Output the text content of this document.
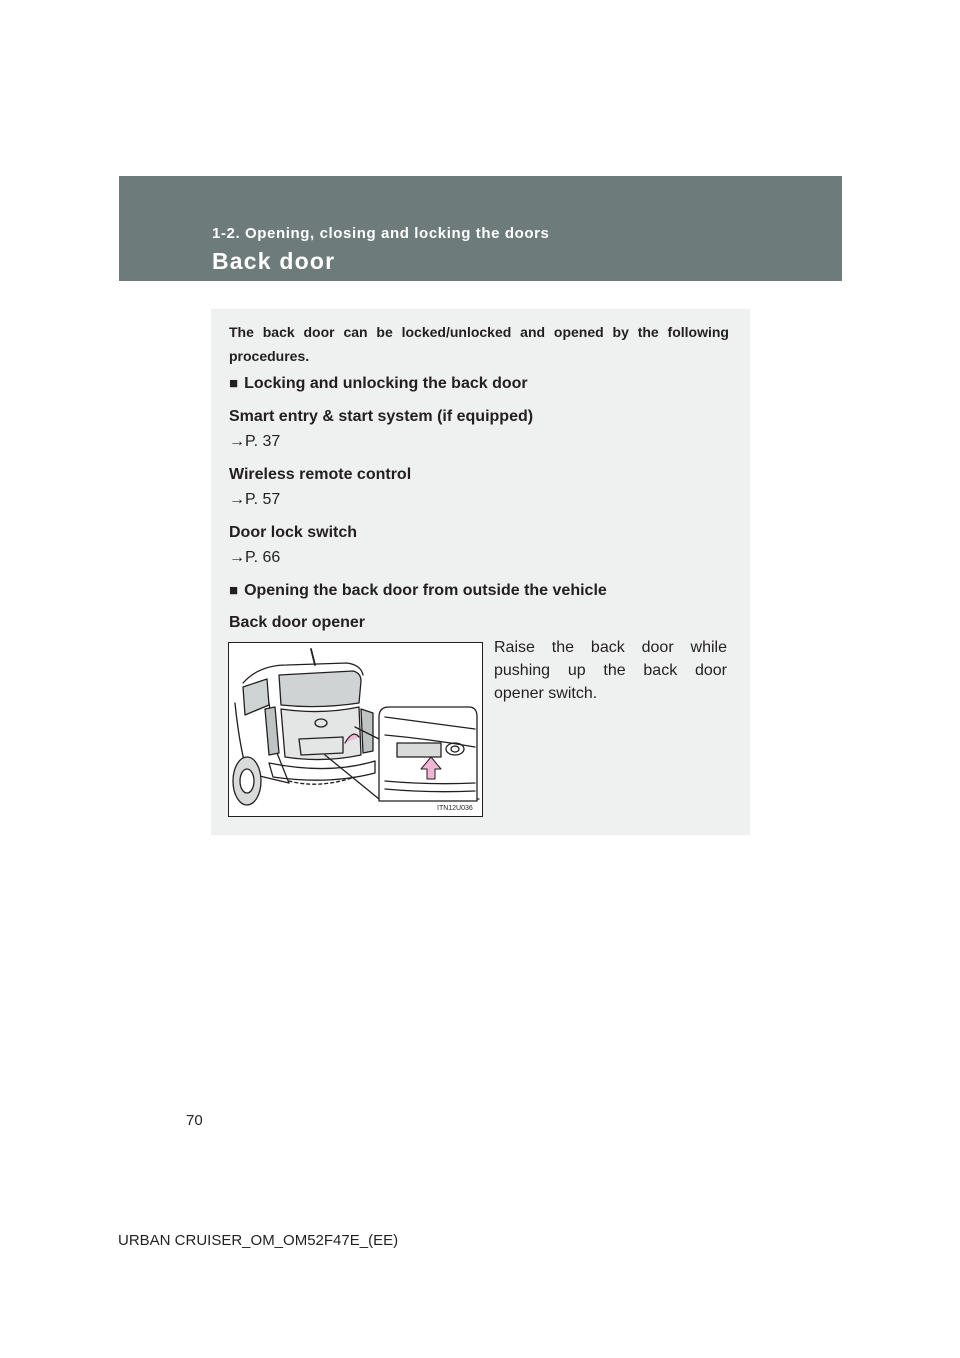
1-2. Opening, closing and locking the doors
Back door
The back door can be locked/unlocked and opened by the following procedures.
■ Locking and unlocking the back door
Smart entry & start system (if equipped)
→P. 37
Wireless remote control
→P. 57
Door lock switch
→P. 66
■ Opening the back door from outside the vehicle
Back door opener
ITN12U036
Raise the back door while pushing up the back door opener switch.
70
URBAN CRUISER_OM_OM52F47E_(EE)
